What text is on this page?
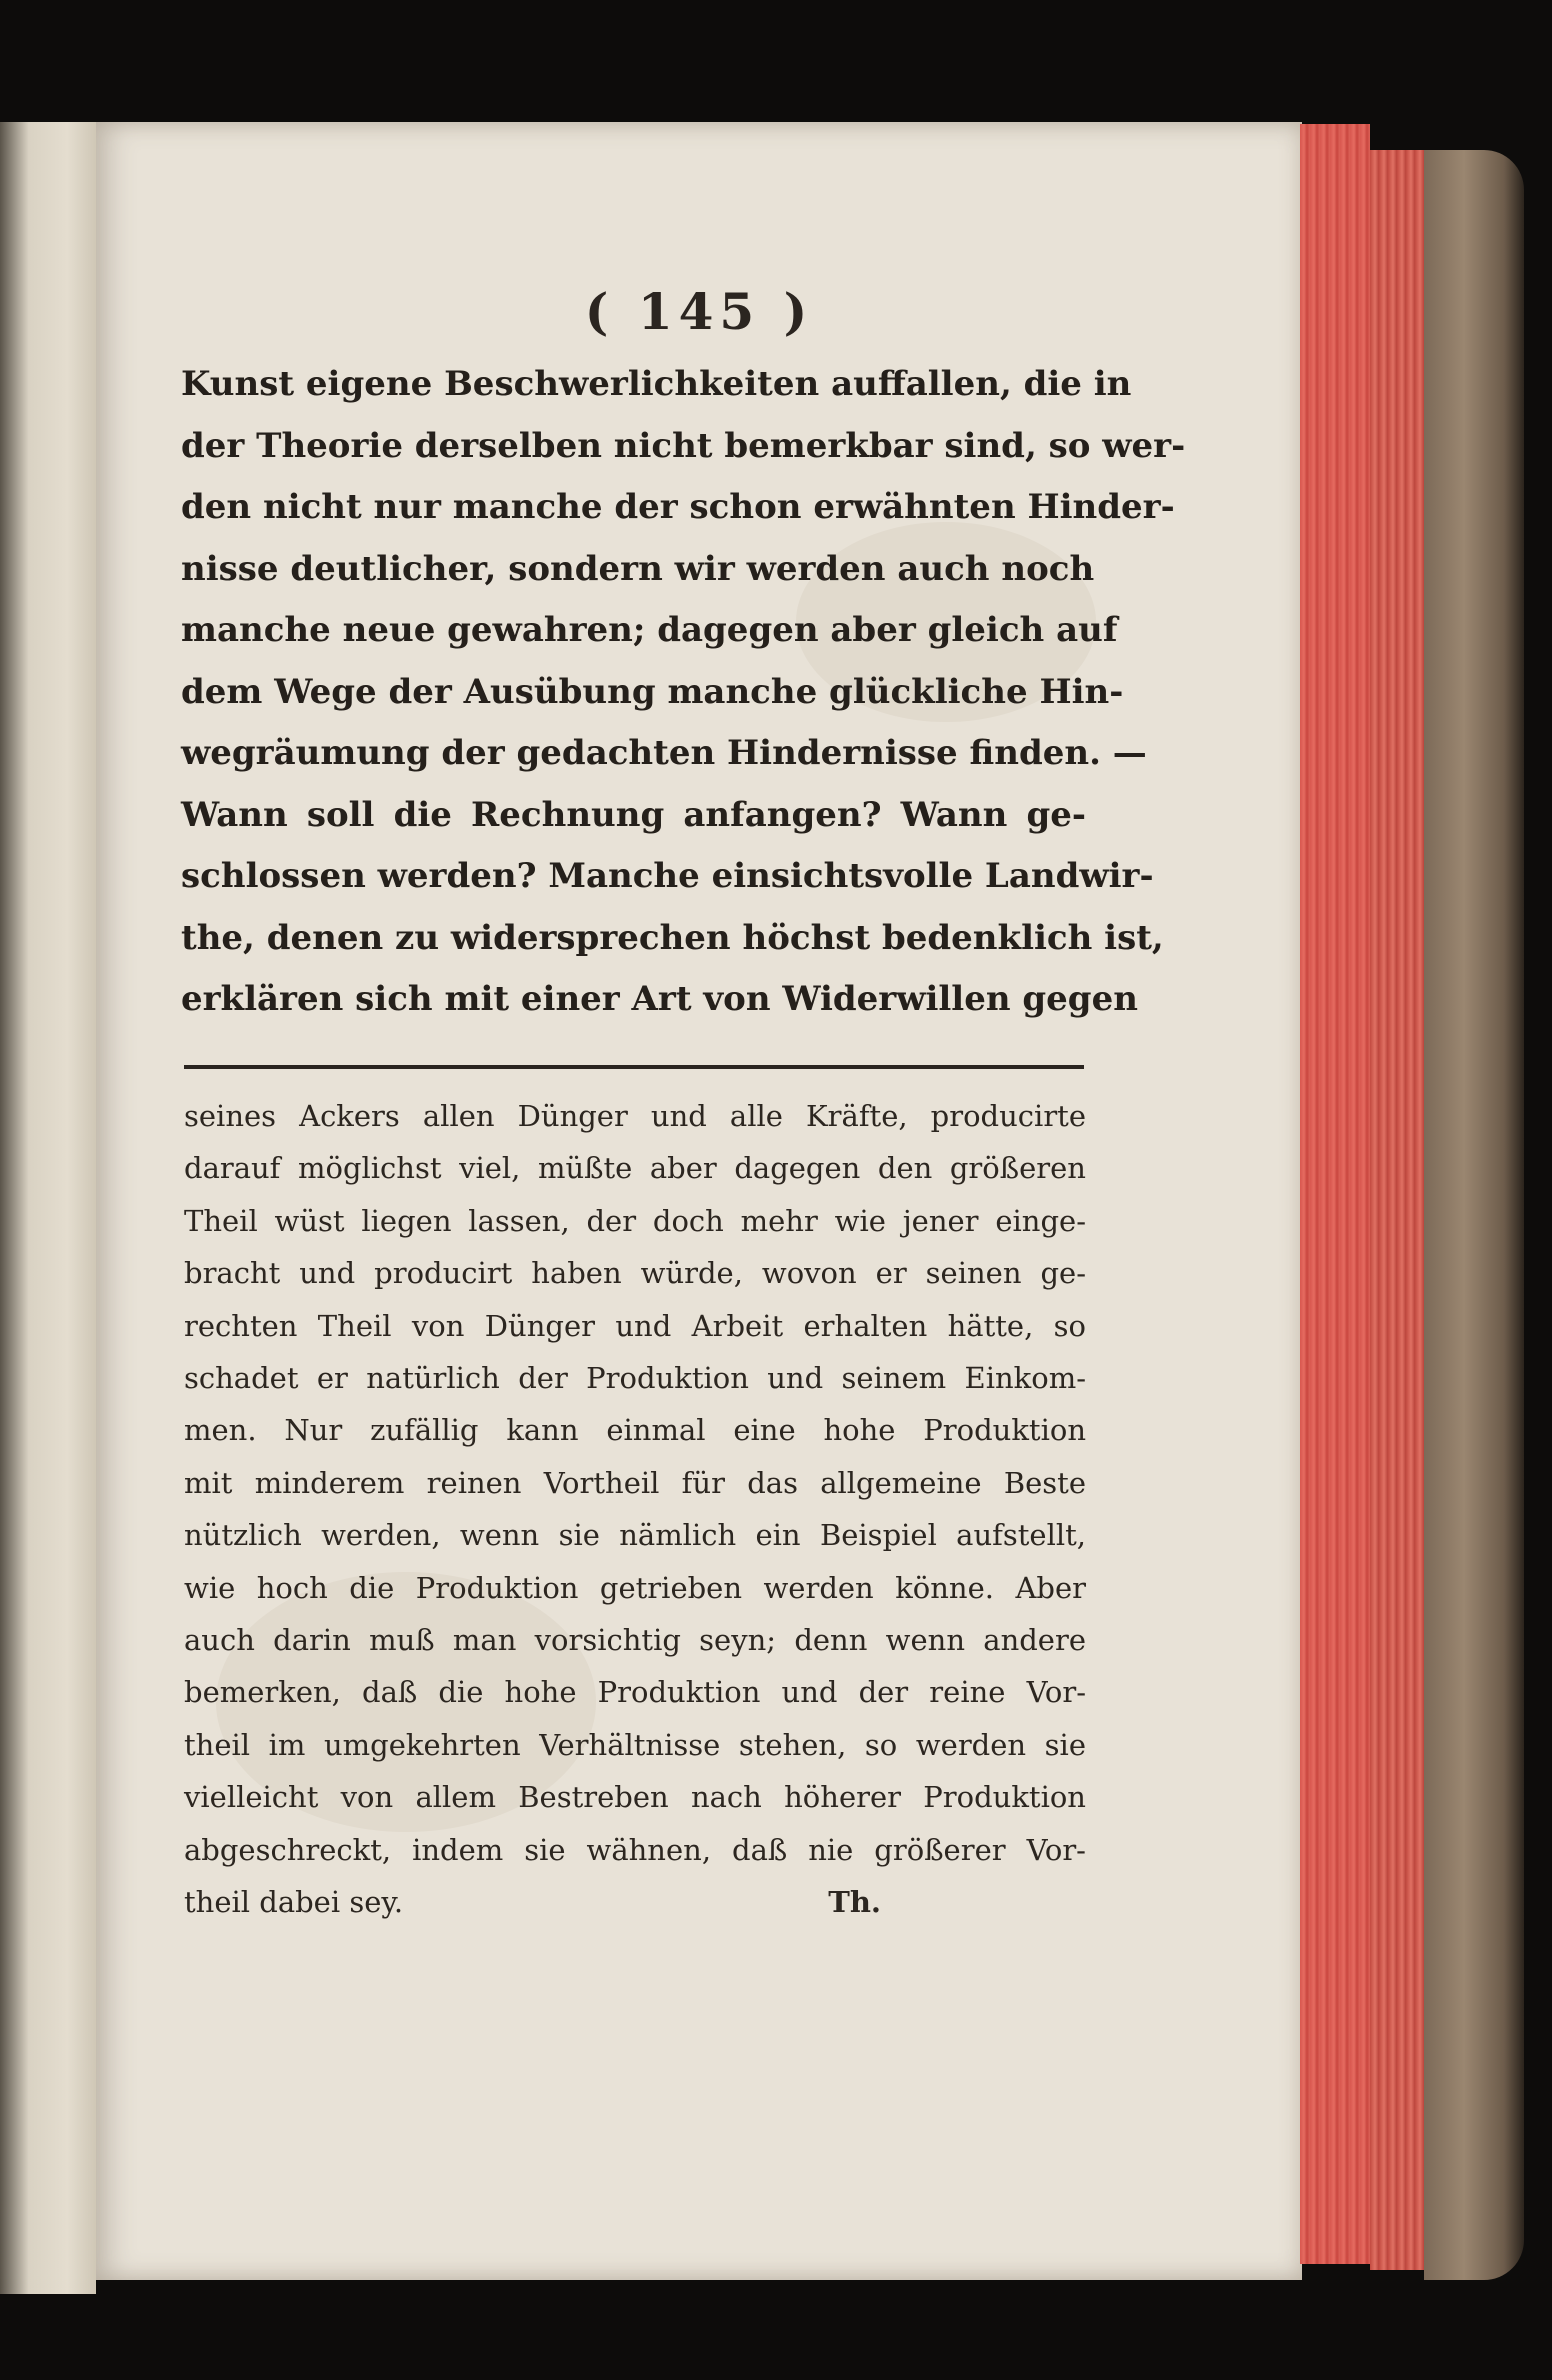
( 145 )
Kunst eigene Beschwerlichkeiten auffallen, die in
der Theorie derselben nicht bemerkbar sind, so wer-
den nicht nur manche der schon erwähnten Hinder-
nisse deutlicher, sondern wir werden auch noch
manche neue gewahren; dagegen aber gleich auf
dem Wege der Ausübung manche glückliche Hin-
wegräumung der gedachten Hindernisse finden. —
Wann soll die Rechnung anfangen? Wann ge-
schlossen werden? Manche einsichtsvolle Landwir-
the, denen zu widersprechen höchst bedenklich ist,
erklären sich mit einer Art von Widerwillen gegen
seines Ackers allen Dünger und alle Kräfte, producirte
darauf möglichst viel, müßte aber dagegen den größeren
Theil wüst liegen lassen, der doch mehr wie jener einge-
bracht und producirt haben würde, wovon er seinen ge-
rechten Theil von Dünger und Arbeit erhalten hätte, so
schadet er natürlich der Produktion und seinem Einkom-
men. Nur zufällig kann einmal eine hohe Produktion
mit minderem reinen Vortheil für das allgemeine Beste
nützlich werden, wenn sie nämlich ein Beispiel aufstellt,
wie hoch die Produktion getrieben werden könne. Aber
auch darin muß man vorsichtig seyn; denn wenn andere
bemerken, daß die hohe Produktion und der reine Vor-
theil im umgekehrten Verhältnisse stehen, so werden sie
vielleicht von allem Bestreben nach höherer Produktion
abgeschreckt, indem sie wähnen, daß nie größerer Vor-
theil dabei sey.	Th.
